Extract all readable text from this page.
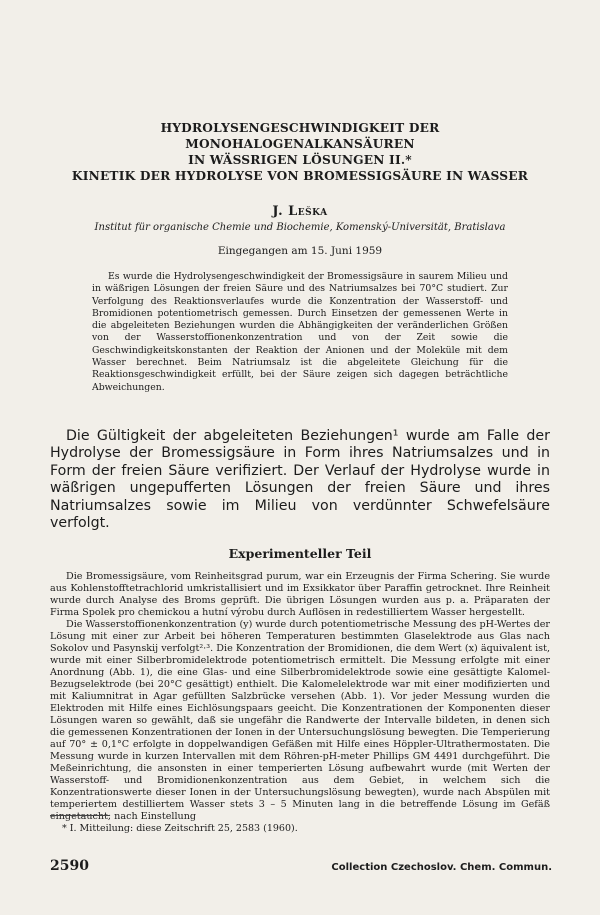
HYDROLYSENGESCHWINDIGKEIT DER MONOHALOGENALKANSÄUREN
IN WÄSSRIGEN LÖSUNGEN II.*
KINETIK DER HYDROLYSE VON BROMESSIGSÄURE IN WASSER
J. Leška
Institut für organische Chemie und Biochemie, Komenský-Universität, Bratislava
Eingegangen am 15. Juni 1959
Es wurde die Hydrolysengeschwindigkeit der Bromessigsäure in saurem Milieu und in wäßrigen Lösungen der freien Säure und des Natriumsalzes bei 70°C studiert. Zur Verfolgung des Reaktionsverlaufes wurde die Konzentration der Wasserstoff- und Bromidionen potentiometrisch gemessen. Durch Einsetzen der gemessenen Werte in die abgeleiteten Beziehungen wurden die Abhängigkeiten der veränderlichen Größen von der Wasserstoffionenkonzentration und von der Zeit sowie die Geschwindigkeitskonstanten der Reaktion der Anionen und der Moleküle mit dem Wasser berechnet. Beim Natriumsalz ist die abgeleitete Gleichung für die Reaktionsgeschwindigkeit erfüllt, bei der Säure zeigen sich dagegen beträchtliche Abweichungen.
Die Gültigkeit der abgeleiteten Beziehungen¹ wurde am Falle der Hydrolyse der Bromessigsäure in Form ihres Natriumsalzes und in Form der freien Säure verifiziert. Der Verlauf der Hydrolyse wurde in wäßrigen ungepufferten Lösungen der freien Säure und ihres Natriumsalzes sowie im Milieu von verdünnter Schwefelsäure verfolgt.
Experimenteller Teil

Die Bromessigsäure, vom Reinheitsgrad purum, war ein Erzeugnis der Firma Schering. Sie wurde aus Kohlenstofftetrachlorid umkristallisiert und im Exsikkator über Paraffin getrocknet. Ihre Reinheit wurde durch Analyse des Broms geprüft. Die übrigen Lösungen wurden aus p. a. Präparaten der Firma Spolek pro chemickou a hutní výrobu durch Auflösen in redestilliertem Wasser hergestellt.

Die Wasserstoffionenkonzentration (y) wurde durch potentiometrische Messung des pH-Wertes der Lösung mit einer zur Arbeit bei höheren Temperaturen bestimmten Glaselektrode aus Glas nach Sokolov und Pasynskij verfolgt²·³. Die Konzentration der Bromidionen, die dem Wert (x) äquivalent ist, wurde mit einer Silberbromidelektrode potentiometrisch ermittelt. Die Messung erfolgte mit einer Anordnung (Abb. 1), die eine Glas- und eine Silberbromidelektrode sowie eine gesättigte Kalomel-Bezugselektrode (bei 20°C gesättigt) enthielt. Die Kalomelelektrode war mit einer modifizierten und mit Kaliumnitrat in Agar gefüllten Salzbrücke versehen (Abb. 1). Vor jeder Messung wurden die Elektroden mit Hilfe eines Eichlösungspaars geeicht. Die Konzentrationen der Komponenten dieser Lösungen waren so gewählt, daß sie ungefähr die Randwerte der Intervalle bildeten, in denen sich die gemessenen Konzentrationen der Ionen in der Untersuchungslösung bewegten. Die Temperierung auf 70° ± 0,1°C erfolgte in doppelwandigen Gefäßen mit Hilfe eines Höppler-Ultrathermostaten. Die Messung wurde in kurzen Intervallen mit dem Röhren-pH-meter Phillips GM 4491 durchgeführt. Die Meßeinrichtung, die ansonsten in einer temperierten Lösung aufbewahrt wurde (mit Werten der Wasserstoff- und Bromidionenkonzentration aus dem Gebiet, in welchem sich die Konzentrationswerte dieser Ionen in der Untersuchungslösung bewegten), wurde nach Abspülen mit temperiertem destilliertem Wasser stets 3 – 5 Minuten lang in die betreffende Lösung im Gefäß eingetaucht; nach Einstellung

* I. Mitteilung: diese Zeitschrift 25, 2583 (1960).
2590	Collection Czechoslov. Chem. Commun.
